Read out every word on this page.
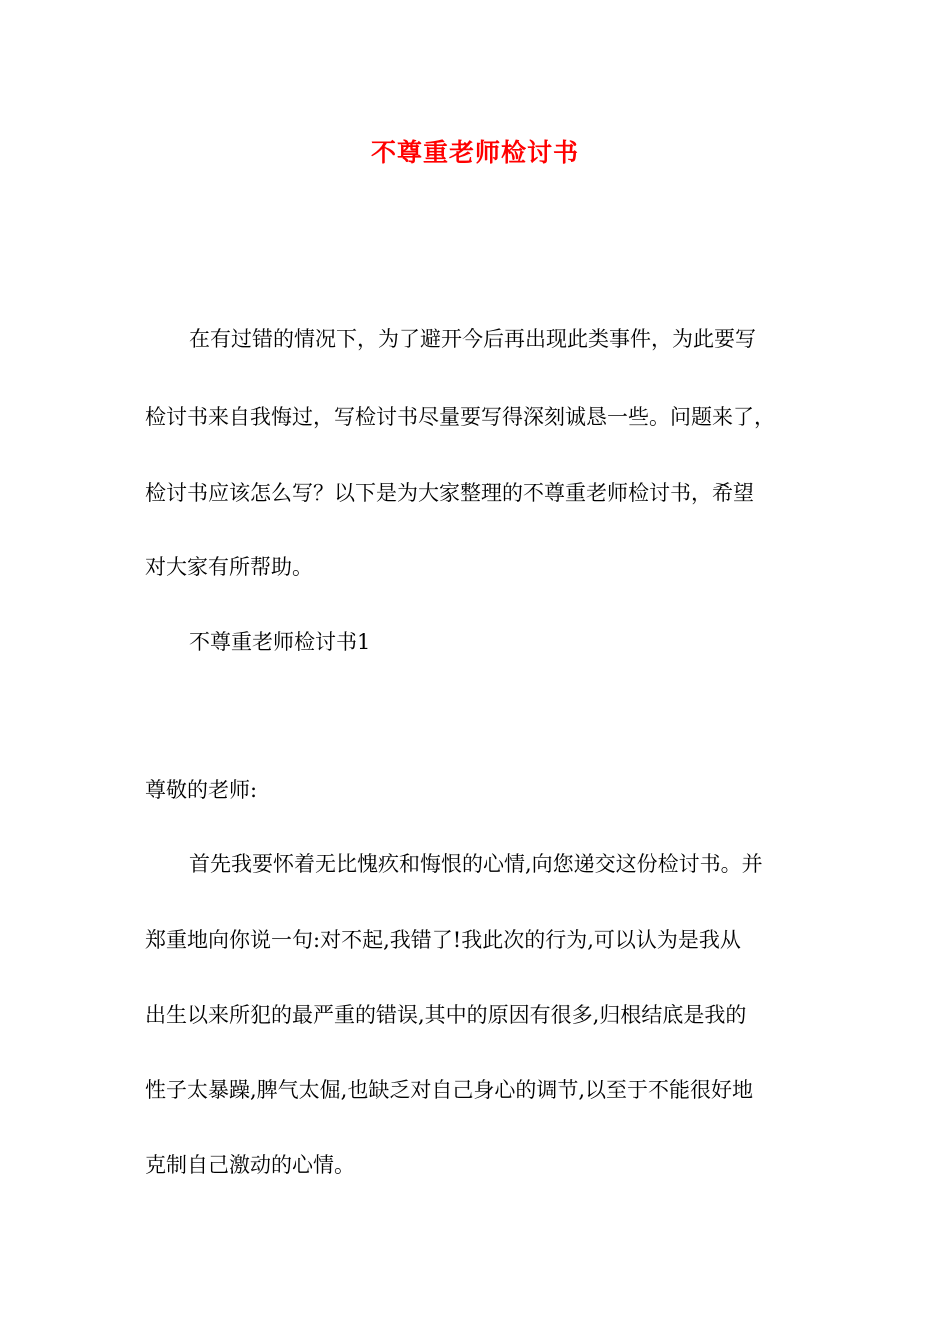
不尊重老师检讨书
在有过错的情况下，为了避开今后再出现此类事件，为此要写
检讨书来自我悔过，写检讨书尽量要写得深刻诚恳一些。问题来了，
检讨书应该怎么写？以下是为大家整理的不尊重老师检讨书，希望
对大家有所帮助。
不尊重老师检讨书1
尊敬的老师:
首先我要怀着无比愧疚和悔恨的心情,向您递交这份检讨书。并
郑重地向你说一句:对不起,我错了!我此次的行为,可以认为是我从
出生以来所犯的最严重的错误,其中的原因有很多,归根结底是我的
性子太暴躁,脾气太倔,也缺乏对自己身心的调节,以至于不能很好地
克制自己激动的心情。
